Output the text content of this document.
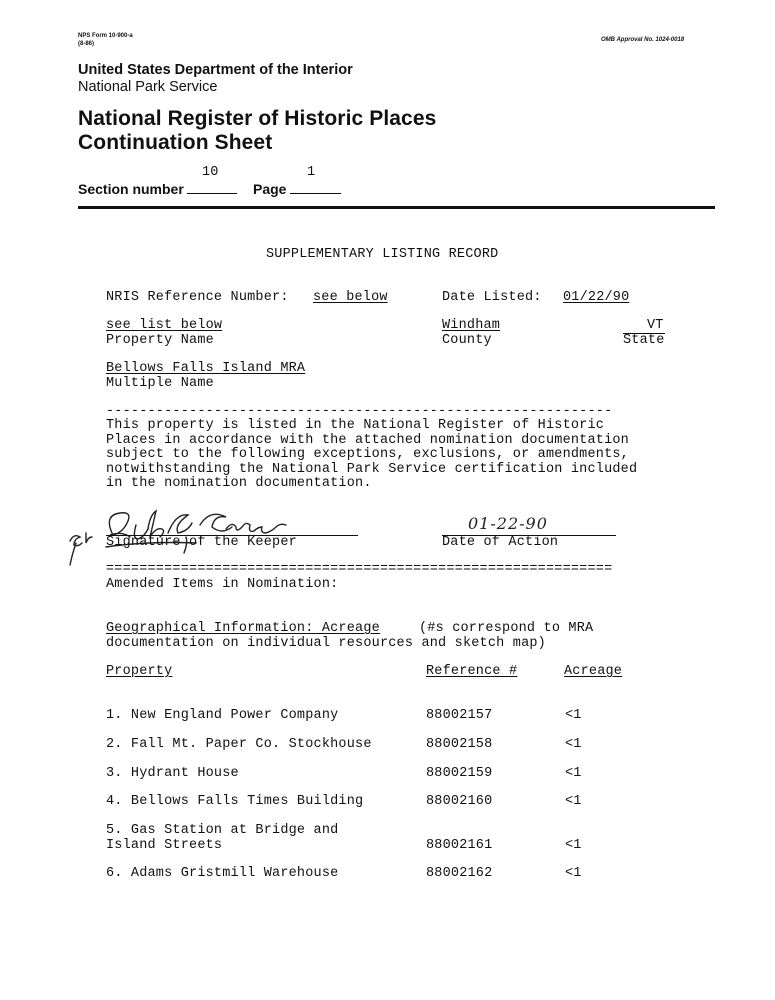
NPS Form 10-900-a
(8-86)
OMB Approval No. 1024-0018
United States Department of the Interior
National Park Service
National Register of Historic Places
Continuation Sheet
Section number
10
Page
1
SUPPLEMENTARY LISTING RECORD
NRIS Reference Number: see below	Date Listed: 01/22/90
see list below
Property Name
Windham
County
VT
State
Bellows Falls Island MRA
Multiple Name
-------------------------------------------------------------
This property is listed in the National Register of Historic
Places in accordance with the attached nomination documentation
subject to the following exceptions, exclusions, or amendments,
notwithstanding the National Park Service certification included
in the nomination documentation.
Signature of the Keeper
01-22-90
Date of Action
=============================================================
Amended Items in Nomination:
Geographical Information: Acreage	(#s correspond to MRA
documentation on individual resources and sketch map)
Property	Reference #	Acreage
1. New England Power Company	88002157	<1
2. Fall Mt. Paper Co. Stockhouse	88002158	<1
3. Hydrant House	88002159	<1
4. Bellows Falls Times Building	88002160	<1
5. Gas Station at Bridge and
Island Streets	88002161	<1
6. Adams Gristmill Warehouse	88002162	<1
